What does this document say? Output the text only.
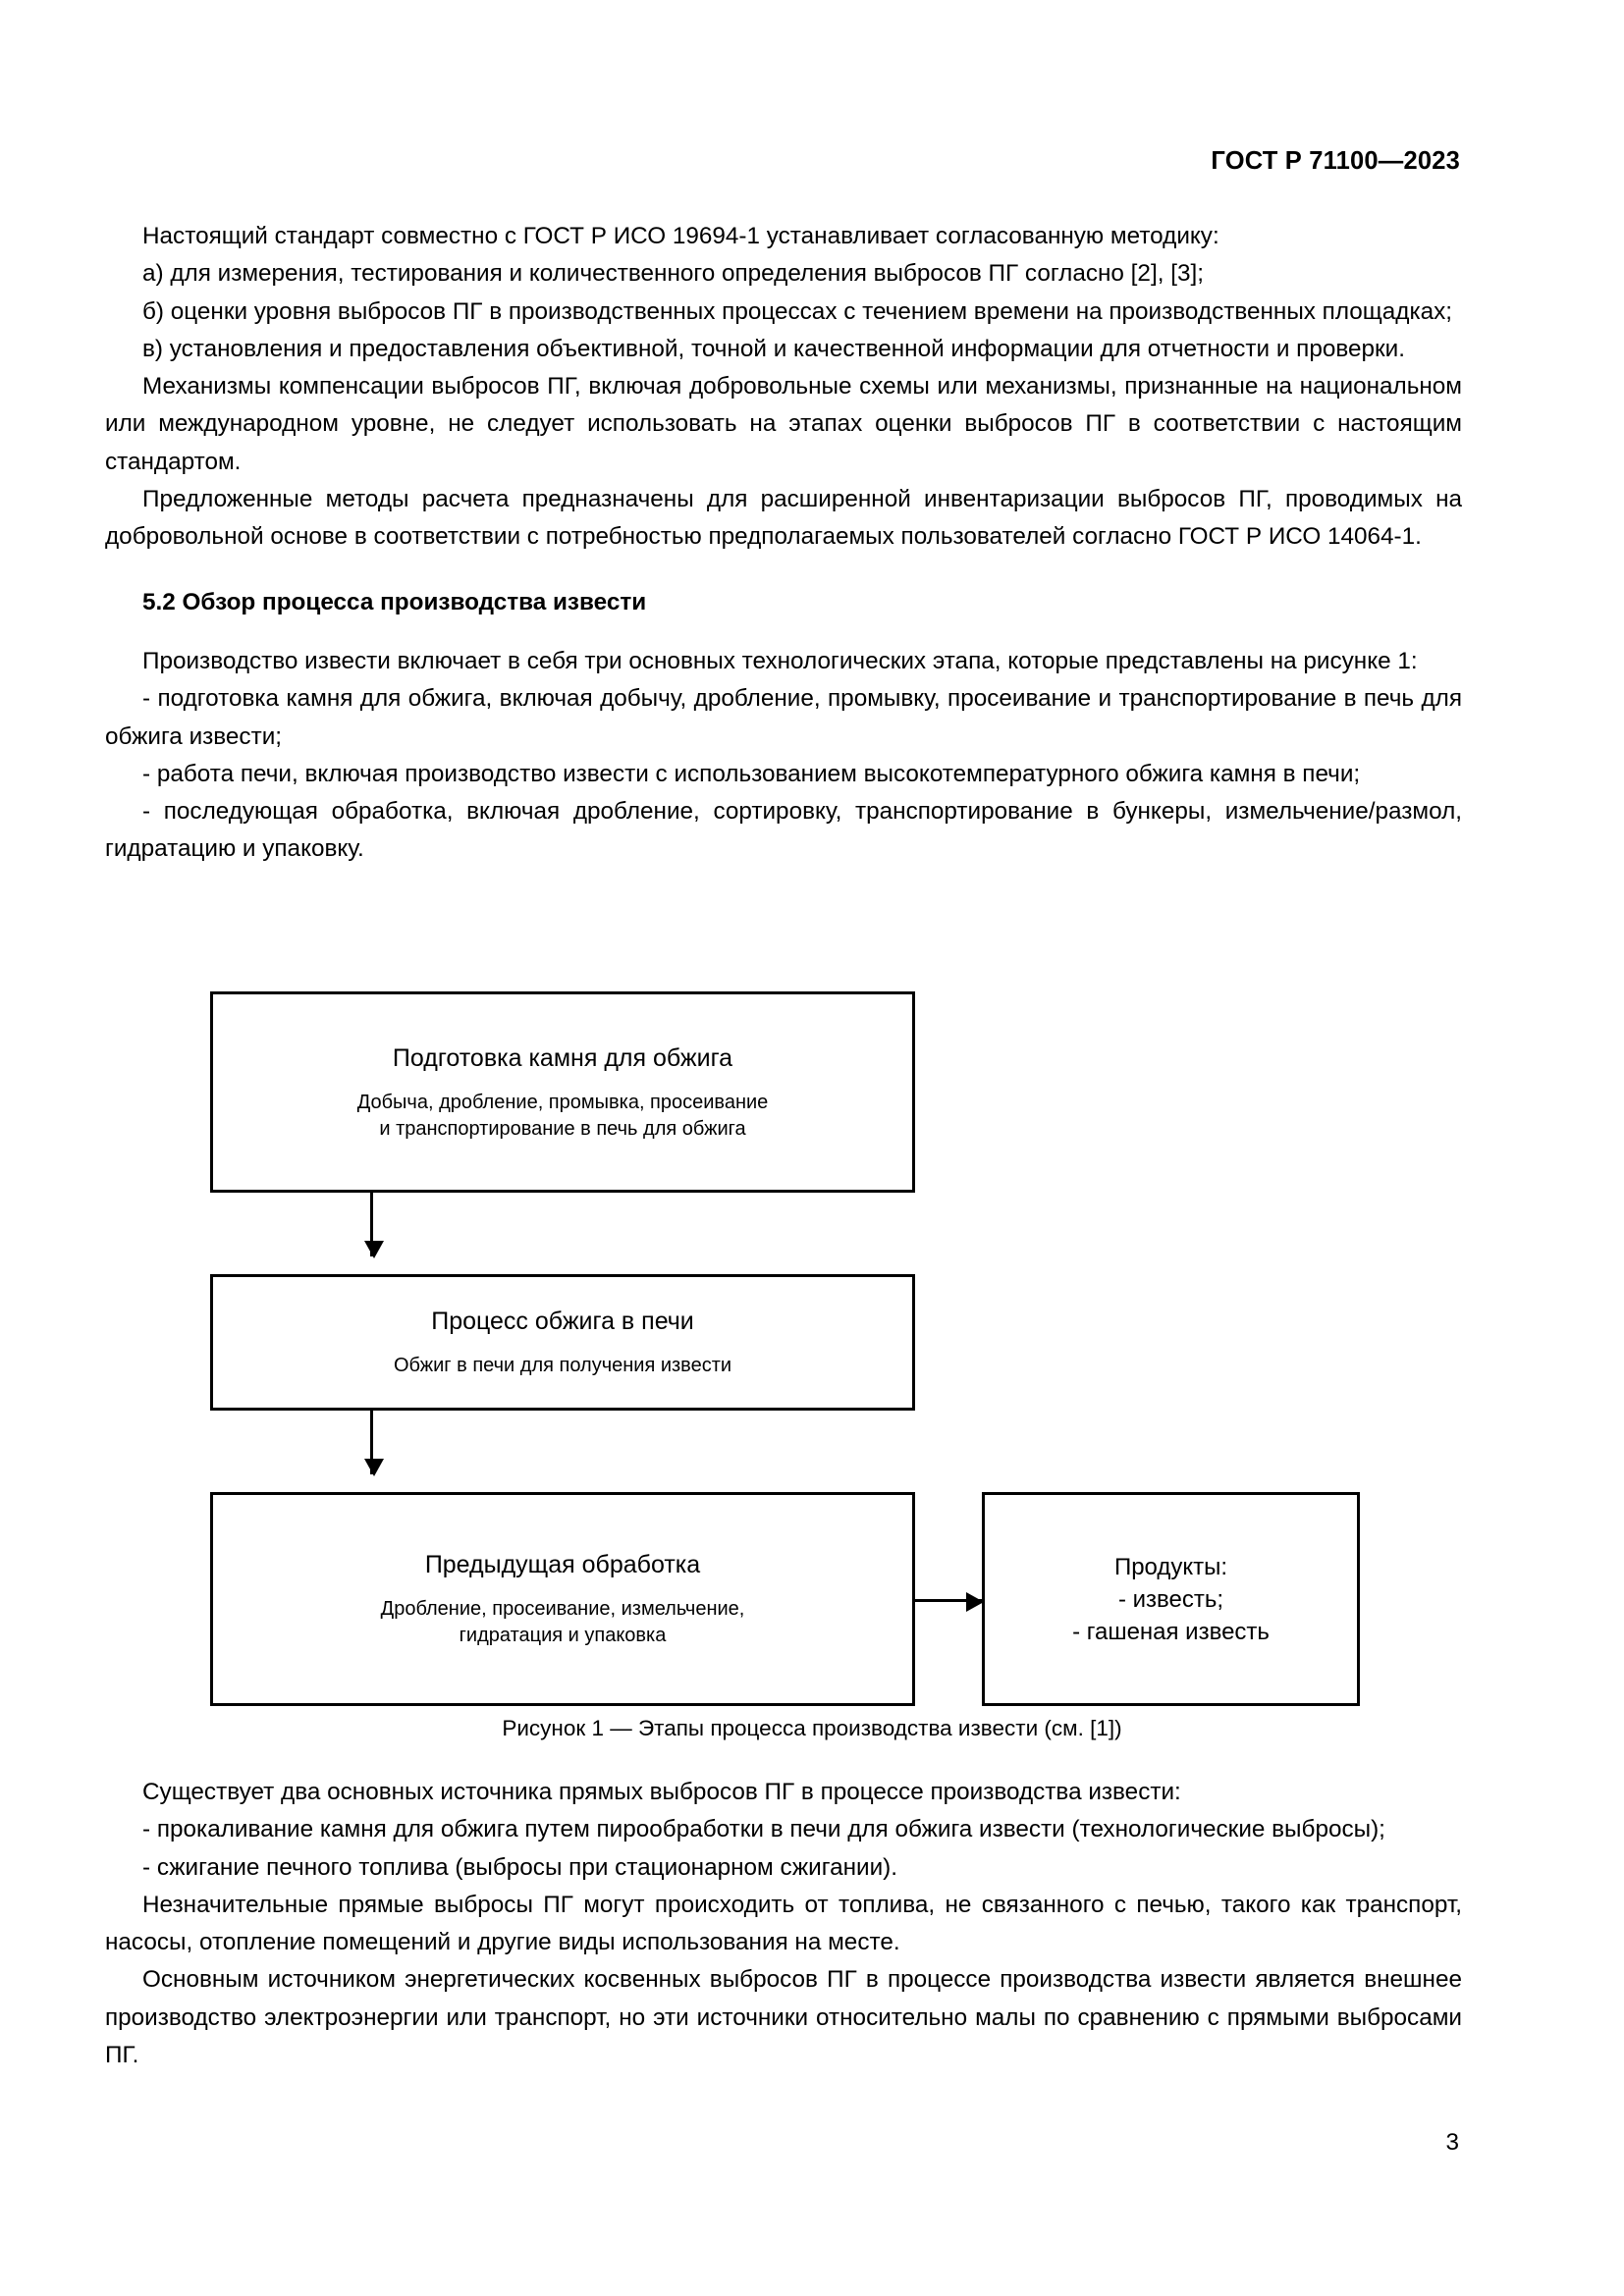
ГОСТ Р 71100—2023

Настоящий стандарт совместно с ГОСТ Р ИСО 19694-1 устанавливает согласованную методику:

а) для измерения, тестирования и количественного определения выбросов ПГ согласно [2], [3];

б) оценки уровня выбросов ПГ в производственных процессах с течением времени на производственных площадках;

в) установления и предоставления объективной, точной и качественной информации для отчетности и проверки.

Механизмы компенсации выбросов ПГ, включая добровольные схемы или механизмы, признанные на национальном или международном уровне, не следует использовать на этапах оценки выбросов ПГ в соответствии с настоящим стандартом.

Предложенные методы расчета предназначены для расширенной инвентаризации выбросов ПГ, проводимых на добровольной основе в соответствии с потребностью предполагаемых пользователей согласно ГОСТ Р ИСО 14064-1.

5.2 Обзор процесса производства извести

Производство извести включает в себя три основных технологических этапа, которые представлены на рисунке 1:

- подготовка камня для обжига, включая добычу, дробление, промывку, просеивание и транспортирование в печь для обжига извести;

- работа печи, включая производство извести с использованием высокотемпературного обжига камня в печи;

- последующая обработка, включая дробление, сортировку, транспортирование в бункеры, измельчение/размол, гидратацию и упаковку.

Подготовка камня для обжига
Добыча, дробление, промывка, просеивание
и транспортирование в печь для обжига
Процесс обжига в печи
Обжиг в печи для получения извести
Предыдущая обработка
Дробление, просеивание, измельчение,
гидратация и упаковка
Продукты:
- известь;
- гашеная известь
Рисунок 1 — Этапы процесса производства извести (см. [1])

Существует два основных источника прямых выбросов ПГ в процессе производства извести:

- прокаливание камня для обжига путем пирообработки в печи для обжига извести (технологические выбросы);

- сжигание печного топлива (выбросы при стационарном сжигании).

Незначительные прямые выбросы ПГ могут происходить от топлива, не связанного с печью, такого как транспорт, насосы, отопление помещений и другие виды использования на месте.

Основным источником энергетических косвенных выбросов ПГ в процессе производства извести является внешнее производство электроэнергии или транспорт, но эти источники относительно малы по сравнению с прямыми выбросами ПГ.

3
